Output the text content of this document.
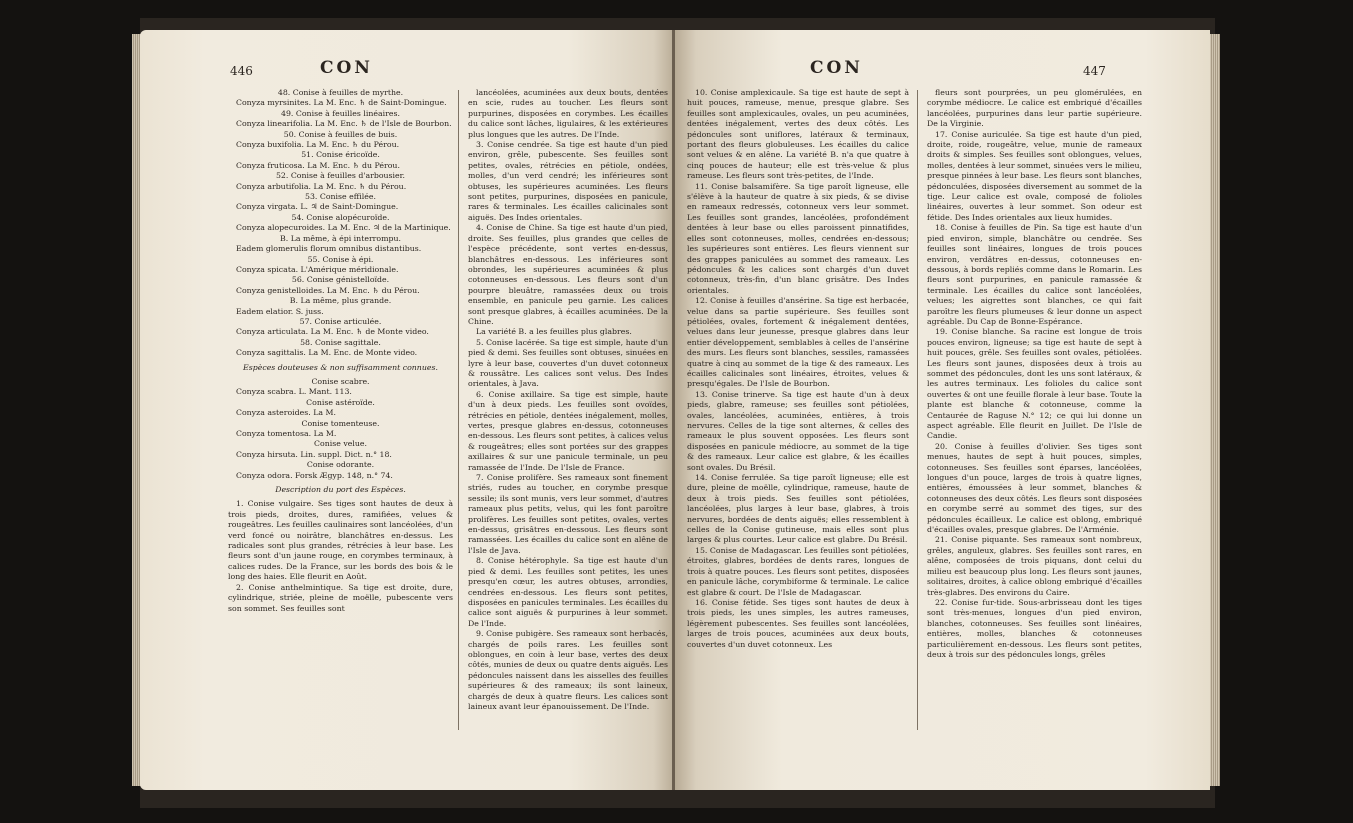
446	CON

48. Conise à feuilles de myrthe.

Conyza myrsinites. La M. Enc. ♄ de Saint-Domingue.

49. Conise à feuilles linéaires.

Conyza linearifolia. La M. Enc. ♄ de l'Isle de Bourbon.

50. Conise à feuilles de buis.

Conyza buxifolia. La M. Enc. ♄ du Pérou.

51. Conise éricoïde.

Conyza fruticosa. La M. Enc. ♄ du Pérou.

52. Conise à feuilles d'arbousier.

Conyza arbutifolia. La M. Enc. ♄ du Pérou.

53. Conise effilée.

Conyza virgata. L. ♃ de Saint-Domingue.

54. Conise alopécuroïde.

Conyza alopecuroides. La M. Enc. ♃ de la Martinique.

B. La même, à épi interrompu.

Eadem glomerulis florum omnibus distantibus.

55. Conise à épi.

Conyza spicata. L'Amérique méridionale.

56. Conise génistelloïde.

Conyza genistelloides. La M. Enc. ♄ du Pérou.

B. La même, plus grande.

Eadem elatior. S. juss.

57. Conise articulée.

Conyza articulata. La M. Enc. ♄ de Monte video.

58. Conise sagittale.

Conyza sagittalis. La M. Enc. de Monte video.

Espèces douteuses & non suffisamment connues.

Conise scabre.

Conyza scabra. L. Mant. 113.

Conise astéroïde.

Conyza asteroides. La M.

Conise tomenteuse.

Conyza tomentosa. La M.

Conise velue.

Conyza hirsuta. Lin. suppl. Dict. n.° 18.

Conise odorante.

Conyza odora. Forsk Ægyp. 148, n.° 74.

Description du port des Espèces.

1. Conise vulgaire. Ses tiges sont hautes de deux à trois pieds, droites, dures, ramifiées, velues & rougeâtres. Les feuilles caulinaires sont lancéolées, d'un verd foncé ou noirâtre, blanchâtres en-dessus. Les radicales sont plus grandes, rétrécies à leur base. Les fleurs sont d'un jaune rouge, en corymbes terminaux, à calices rudes. De la France, sur les bords des bois & le long des haies. Elle fleurit en Août.

2. Conise anthelmintique. Sa tige est droite, dure, cylindrique, striée, pleine de moëlle, pubescente vers son sommet. Ses feuilles sont

lancéolées, acuminées aux deux bouts, dentées en scie, rudes au toucher. Les fleurs sont purpurines, disposées en corymbes. Les écailles du calice sont lâches, ligulaires, & les extérieures plus longues que les autres. De l'Inde.

3. Conise cendrée. Sa tige est haute d'un pied environ, grêle, pubescente. Ses feuilles sont petites, ovales, rétrécies en pétiole, ondées, molles, d'un verd cendré; les inférieures sont obtuses, les supérieures acuminées. Les fleurs sont petites, purpurines, disposées en panicule, rares & terminales. Les écailles calicinales sont aiguës. Des Indes orientales.

4. Conise de Chine. Sa tige est haute d'un pied, droite. Ses feuilles, plus grandes que celles de l'espèce précédente, sont vertes en-dessus, blanchâtres en-dessous. Les inférieures sont obrondes, les supérieures acuminées & plus cotonneuses en-dessous. Les fleurs sont d'un pourpre bleuâtre, ramassées deux ou trois ensemble, en panicule peu garnie. Les calices sont presque glabres, à écailles acuminées. De la Chine.

La variété B. a les feuilles plus glabres.

5. Conise lacérée. Sa tige est simple, haute d'un pied & demi. Ses feuilles sont obtuses, sinuées en lyre à leur base, couvertes d'un duvet cotonneux & roussâtre. Les calices sont velus. Des Indes orientales, à Java.

6. Conise axillaire. Sa tige est simple, haute d'un à deux pieds. Les feuilles sont ovoïdes, rétrécies en pétiole, dentées inégalement, molles, vertes, presque glabres en-dessus, cotonneuses en-dessous. Les fleurs sont petites, à calices velus & rougeâtres; elles sont portées sur des grappes axillaires & sur une panicule terminale, un peu ramassée de l'Inde. De l'Isle de France.

7. Conise prolifère. Ses rameaux sont finement striés, rudes au toucher, en corymbe presque sessile; ils sont munis, vers leur sommet, d'autres rameaux plus petits, velus, qui les font paroître prolifères. Les feuilles sont petites, ovales, vertes en-dessus, grisâtres en-dessous. Les fleurs sont ramassées. Les écailles du calice sont en alêne de l'Isle de Java.

8. Conise hétérophyle. Sa tige est haute d'un pied & demi. Les feuilles sont petites, les unes presqu'en cœur, les autres obtuses, arrondies, cendrées en-dessous. Les fleurs sont petites, disposées en panicules terminales. Les écailles du calice sont aiguës & purpurines à leur sommet. De l'Inde.

9. Conise pubigère. Ses rameaux sont herbacés, chargés de poils rares. Les feuilles sont oblongues, en coin à leur base, vertes des deux côtés, munies de deux ou quatre dents aiguës. Les pédoncules naissent dans les aisselles des feuilles supérieures & des rameaux; ils sont laineux, chargés de deux à quatre fleurs. Les calices sont laineux avant leur épanouissement. De l'Inde.

CON	447

10. Conise amplexicaule. Sa tige est haute de sept à huit pouces, rameuse, menue, presque glabre. Ses feuilles sont amplexicaules, ovales, un peu acuminées, dentées inégalement, vertes des deux côtés. Les pédoncules sont uniflores, latéraux & terminaux, portant des fleurs globuleuses. Les écailles du calice sont velues & en alêne. La variété B. n'a que quatre à cinq pouces de hauteur; elle est très-velue & plus rameuse. Les fleurs sont très-petites, de l'Inde.

11. Conise balsamifère. Sa tige paroît ligneuse, elle s'élève à la hauteur de quatre à six pieds, & se divise en rameaux redressés, cotonneux vers leur sommet. Les feuilles sont grandes, lancéolées, profondément dentées à leur base ou elles paroissent pinnatifides, elles sont cotonneuses, molles, cendrées en-dessous; les supérieures sont entières. Les fleurs viennent sur des grappes paniculées au sommet des rameaux. Les pédoncules & les calices sont chargés d'un duvet cotonneux, très-fin, d'un blanc grisâtre. Des Indes orientales.

12. Conise à feuilles d'ansérine. Sa tige est herbacée, velue dans sa partie supérieure. Ses feuilles sont pétiolées, ovales, fortement & inégalement dentées, velues dans leur jeunesse, presque glabres dans leur entier développement, semblables à celles de l'ansérine des murs. Les fleurs sont blanches, sessiles, ramassées quatre à cinq au sommet de la tige & des rameaux. Les écailles calicinales sont linéaires, étroites, velues & presqu'égales. De l'Isle de Bourbon.

13. Conise trinerve. Sa tige est haute d'un à deux pieds, glabre, rameuse; ses feuilles sont pétiolées, ovales, lancéolées, acuminées, entières, à trois nervures. Celles de la tige sont alternes, & celles des rameaux le plus souvent opposées. Les fleurs sont disposées en panicule médiocre, au sommet de la tige & des rameaux. Leur calice est glabre, & les écailles sont ovales. Du Brésil.

14. Conise ferrulée. Sa tige paroît ligneuse; elle est dure, pleine de moëlle, cylindrique, rameuse, haute de deux à trois pieds. Ses feuilles sont pétiolées, lancéolées, plus larges à leur base, glabres, à trois nervures, bordées de dents aiguës; elles ressemblent à celles de la Conise gutineuse, mais elles sont plus larges & plus courtes. Leur calice est glabre. Du Brésil.

15. Conise de Madagascar. Les feuilles sont pétiolées, étroites, glabres, bordées de dents rares, longues de trois à quatre pouces. Les fleurs sont petites, disposées en panicule lâche, corymbiforme & terminale. Le calice est glabre & court. De l'Isle de Madagascar.

16. Conise fétide. Ses tiges sont hautes de deux à trois pieds, les unes simples, les autres rameuses, légèrement pubescentes. Ses feuilles sont lancéolées, larges de trois pouces, acuminées aux deux bouts, couvertes d'un duvet cotonneux. Les

fleurs sont pourprées, un peu glomérulées, en corymbe médiocre. Le calice est embriqué d'écailles lancéolées, purpurines dans leur partie supérieure. De la Virginie.

17. Conise auriculée. Sa tige est haute d'un pied, droite, roide, rougeâtre, velue, munie de rameaux droits & simples. Ses feuilles sont oblongues, velues, molles, dentées à leur sommet, sinuées vers le milieu, presque pinnées à leur base. Les fleurs sont blanches, pédonculées, disposées diversement au sommet de la tige. Leur calice est ovale, composé de folioles linéaires, ouvertes à leur sommet. Son odeur est fétide. Des Indes orientales aux lieux humides.

18. Conise à feuilles de Pin. Sa tige est haute d'un pied environ, simple, blanchâtre ou cendrée. Ses feuilles sont linéaires, longues de trois pouces environ, verdâtres en-dessus, cotonneuses en-dessous, à bords repliés comme dans le Romarin. Les fleurs sont purpurines, en panicule ramassée & terminale. Les écailles du calice sont lancéolées, velues; les aigrettes sont blanches, ce qui fait paroître les fleurs plumeuses & leur donne un aspect agréable. Du Cap de Bonne-Espérance.

19. Conise blanche. Sa racine est longue de trois pouces environ, ligneuse; sa tige est haute de sept à huit pouces, grêle. Ses feuilles sont ovales, pétiolées. Les fleurs sont jaunes, disposées deux à trois au sommet des pédoncules, dont les uns sont latéraux, & les autres terminaux. Les folioles du calice sont ouvertes & ont une feuille florale à leur base. Toute la plante est blanche & cotonneuse, comme la Centaurée de Raguse N.° 12; ce qui lui donne un aspect agréable. Elle fleurit en Juillet. De l'Isle de Candie.

20. Conise à feuilles d'olivier. Ses tiges sont menues, hautes de sept à huit pouces, simples, cotonneuses. Ses feuilles sont éparses, lancéolées, longues d'un pouce, larges de trois à quatre lignes, entières, émoussées à leur sommet, blanches & cotonneuses des deux côtés. Les fleurs sont disposées en corymbe serré au sommet des tiges, sur des pédoncules écailleux. Le calice est oblong, embriqué d'écailles ovales, presque glabres. De l'Arménie.

21. Conise piquante. Ses rameaux sont nombreux, grêles, anguleux, glabres. Ses feuilles sont rares, en alêne, composées de trois piquans, dont celui du milieu est beaucoup plus long. Les fleurs sont jaunes, solitaires, droites, à calice oblong embriqué d'écailles très-glabres. Des environs du Caire.

22. Conise fur-tide. Sous-arbrisseau dont les tiges sont très-menues, longues d'un pied environ, blanches, cotonneuses. Ses feuilles sont linéaires, entières, molles, blanches & cotonneuses particulièrement en-dessous. Les fleurs sont petites, deux à trois sur des pédoncules longs, grêles
